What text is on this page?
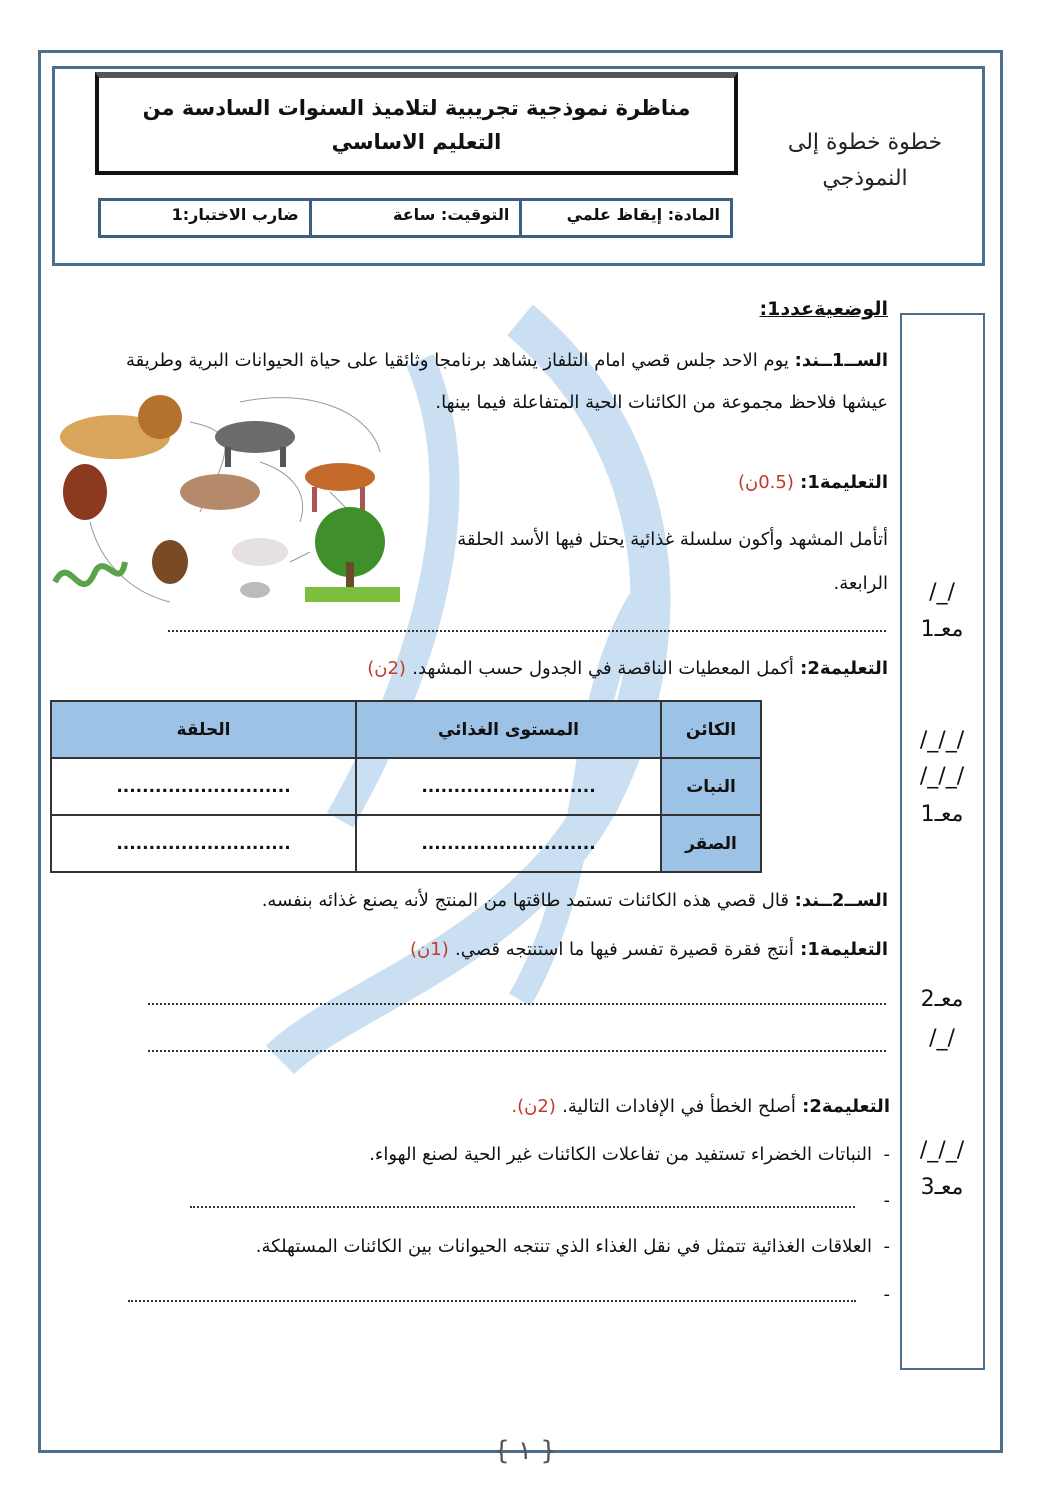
مناظرة نموذجية تجريبية لتلاميذ السنوات السادسة من التعليم الاساسي	خطوة خطوة إلى النموذجي
المادة: إيقاظ علمي
التوقيت: ساعة
ضارب الاختبار:1
/_/
معـ1
/_/_/
/_/_/
معـ1
معـ2
/_/
/_/_/
معـ3
الوضعيةعدد1:
الســ1ــند: يوم الاحد جلس قصي امام التلفاز يشاهد برنامجا وثائقيا على حياة الحيوانات البرية وطريقة عيشها فلاحظ مجموعة من الكائنات الحية المتفاعلة فيما بينها.
التعليمة1: (0.5ن)
أتأمل المشهد وأكون سلسلة غذائية يحتل فيها الأسد الحلقة الرابعة.
التعليمة2: أكمل المعطيات الناقصة في الجدول حسب المشهد. (2ن)
الحلقة	المستوى الغذائي	الكائن
...........................	...........................	النبات
...........................	...........................	الصقر
الســ2ــند: قال قصي هذه الكائنات تستمد طاقتها من المنتج لأنه يصنع غذائه بنفسه.
التعليمة1: أنتج فقرة قصيرة تفسر فيها ما استنتجه قصي. (1ن)
التعليمة2: أصلح الخطأ في الإفادات التالية. (2ن).
-  النباتات الخضراء تستفيد من تفاعلات الكائنات غير الحية لصنع الهواء.
-
-  العلاقات الغذائية تتمثل في نقل الغذاء الذي تنتجه الحيوانات بين الكائنات المستهلكة.
-
{ ١ }
